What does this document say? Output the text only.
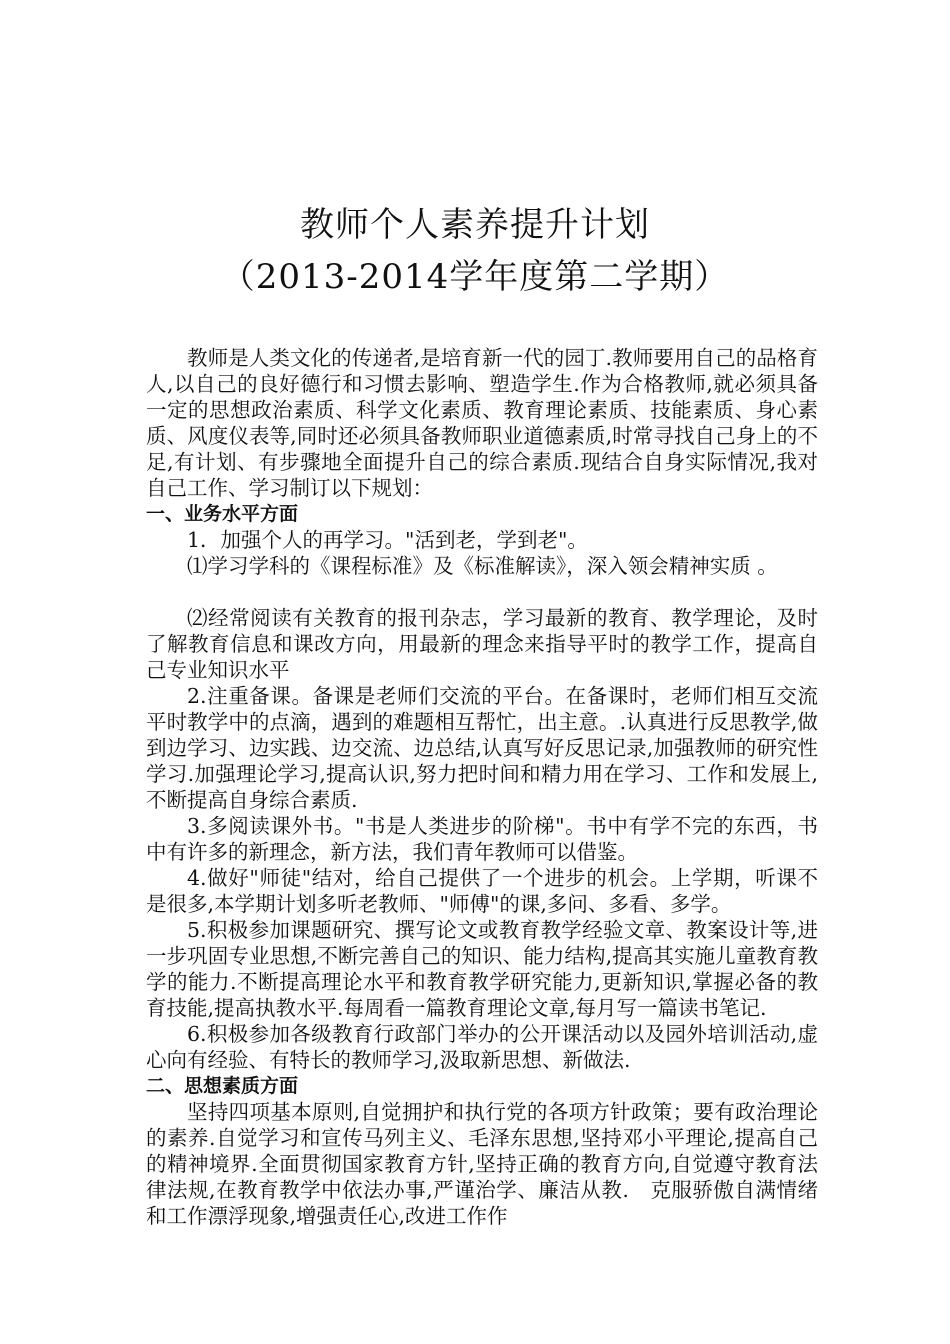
教师个人素养提升计划
（2013-2014学年度第二学期）

教师是人类文化的传递者,是培育新一代的园丁.教师要用自己的品格育人,以自己的良好德行和习惯去影响、塑造学生.作为合格教师,就必须具备一定的思想政治素质、科学文化素质、教育理论素质、技能素质、身心素质、风度仪表等,同时还必须具备教师职业道德素质,时常寻找自己身上的不足,有计划、有步骤地全面提升自己的综合素质.现结合自身实际情况,我对自己工作、学习制订以下规划：

一、业务水平方面

1．加强个人的再学习。"活到老，学到老"。

⑴学习学科的《课程标准》及《标准解读》，深入领会精神实质 。

⑵经常阅读有关教育的报刊杂志，学习最新的教育、教学理论，及时了解教育信息和课改方向，用最新的理念来指导平时的教学工作，提高自己专业知识水平

2.注重备课。备课是老师们交流的平台。在备课时，老师们相互交流平时教学中的点滴，遇到的难题相互帮忙，出主意。.认真进行反思教学,做到边学习、边实践、边交流、边总结,认真写好反思记录,加强教师的研究性学习.加强理论学习,提高认识,努力把时间和精力用在学习、工作和发展上,不断提高自身综合素质.

3.多阅读课外书。"书是人类进步的阶梯"。书中有学不完的东西，书中有许多的新理念，新方法，我们青年教师可以借鉴。

4.做好"师徒"结对，给自己提供了一个进步的机会。上学期，听课不是很多,本学期计划多听老教师、"师傅"的课,多问、多看、多学。

5.积极参加课题研究、撰写论文或教育教学经验文章、教案设计等,进一步巩固专业思想,不断完善自己的知识、能力结构,提高其实施儿童教育教学的能力.不断提高理论水平和教育教学研究能力,更新知识,掌握必备的教育技能,提高执教水平.每周看一篇教育理论文章,每月写一篇读书笔记.

6.积极参加各级教育行政部门举办的公开课活动以及园外培训活动,虚心向有经验、有特长的教师学习,汲取新思想、新做法.

二、思想素质方面

坚持四项基本原则,自觉拥护和执行党的各项方针政策；要有政治理论的素养.自觉学习和宣传马列主义、毛泽东思想,坚持邓小平理论,提高自己的精神境界.全面贯彻国家教育方针,坚持正确的教育方向,自觉遵守教育法律法规,在教育教学中依法办事,严谨治学、廉洁从教.　克服骄傲自满情绪和工作漂浮现象,增强责任心,改进工作作
